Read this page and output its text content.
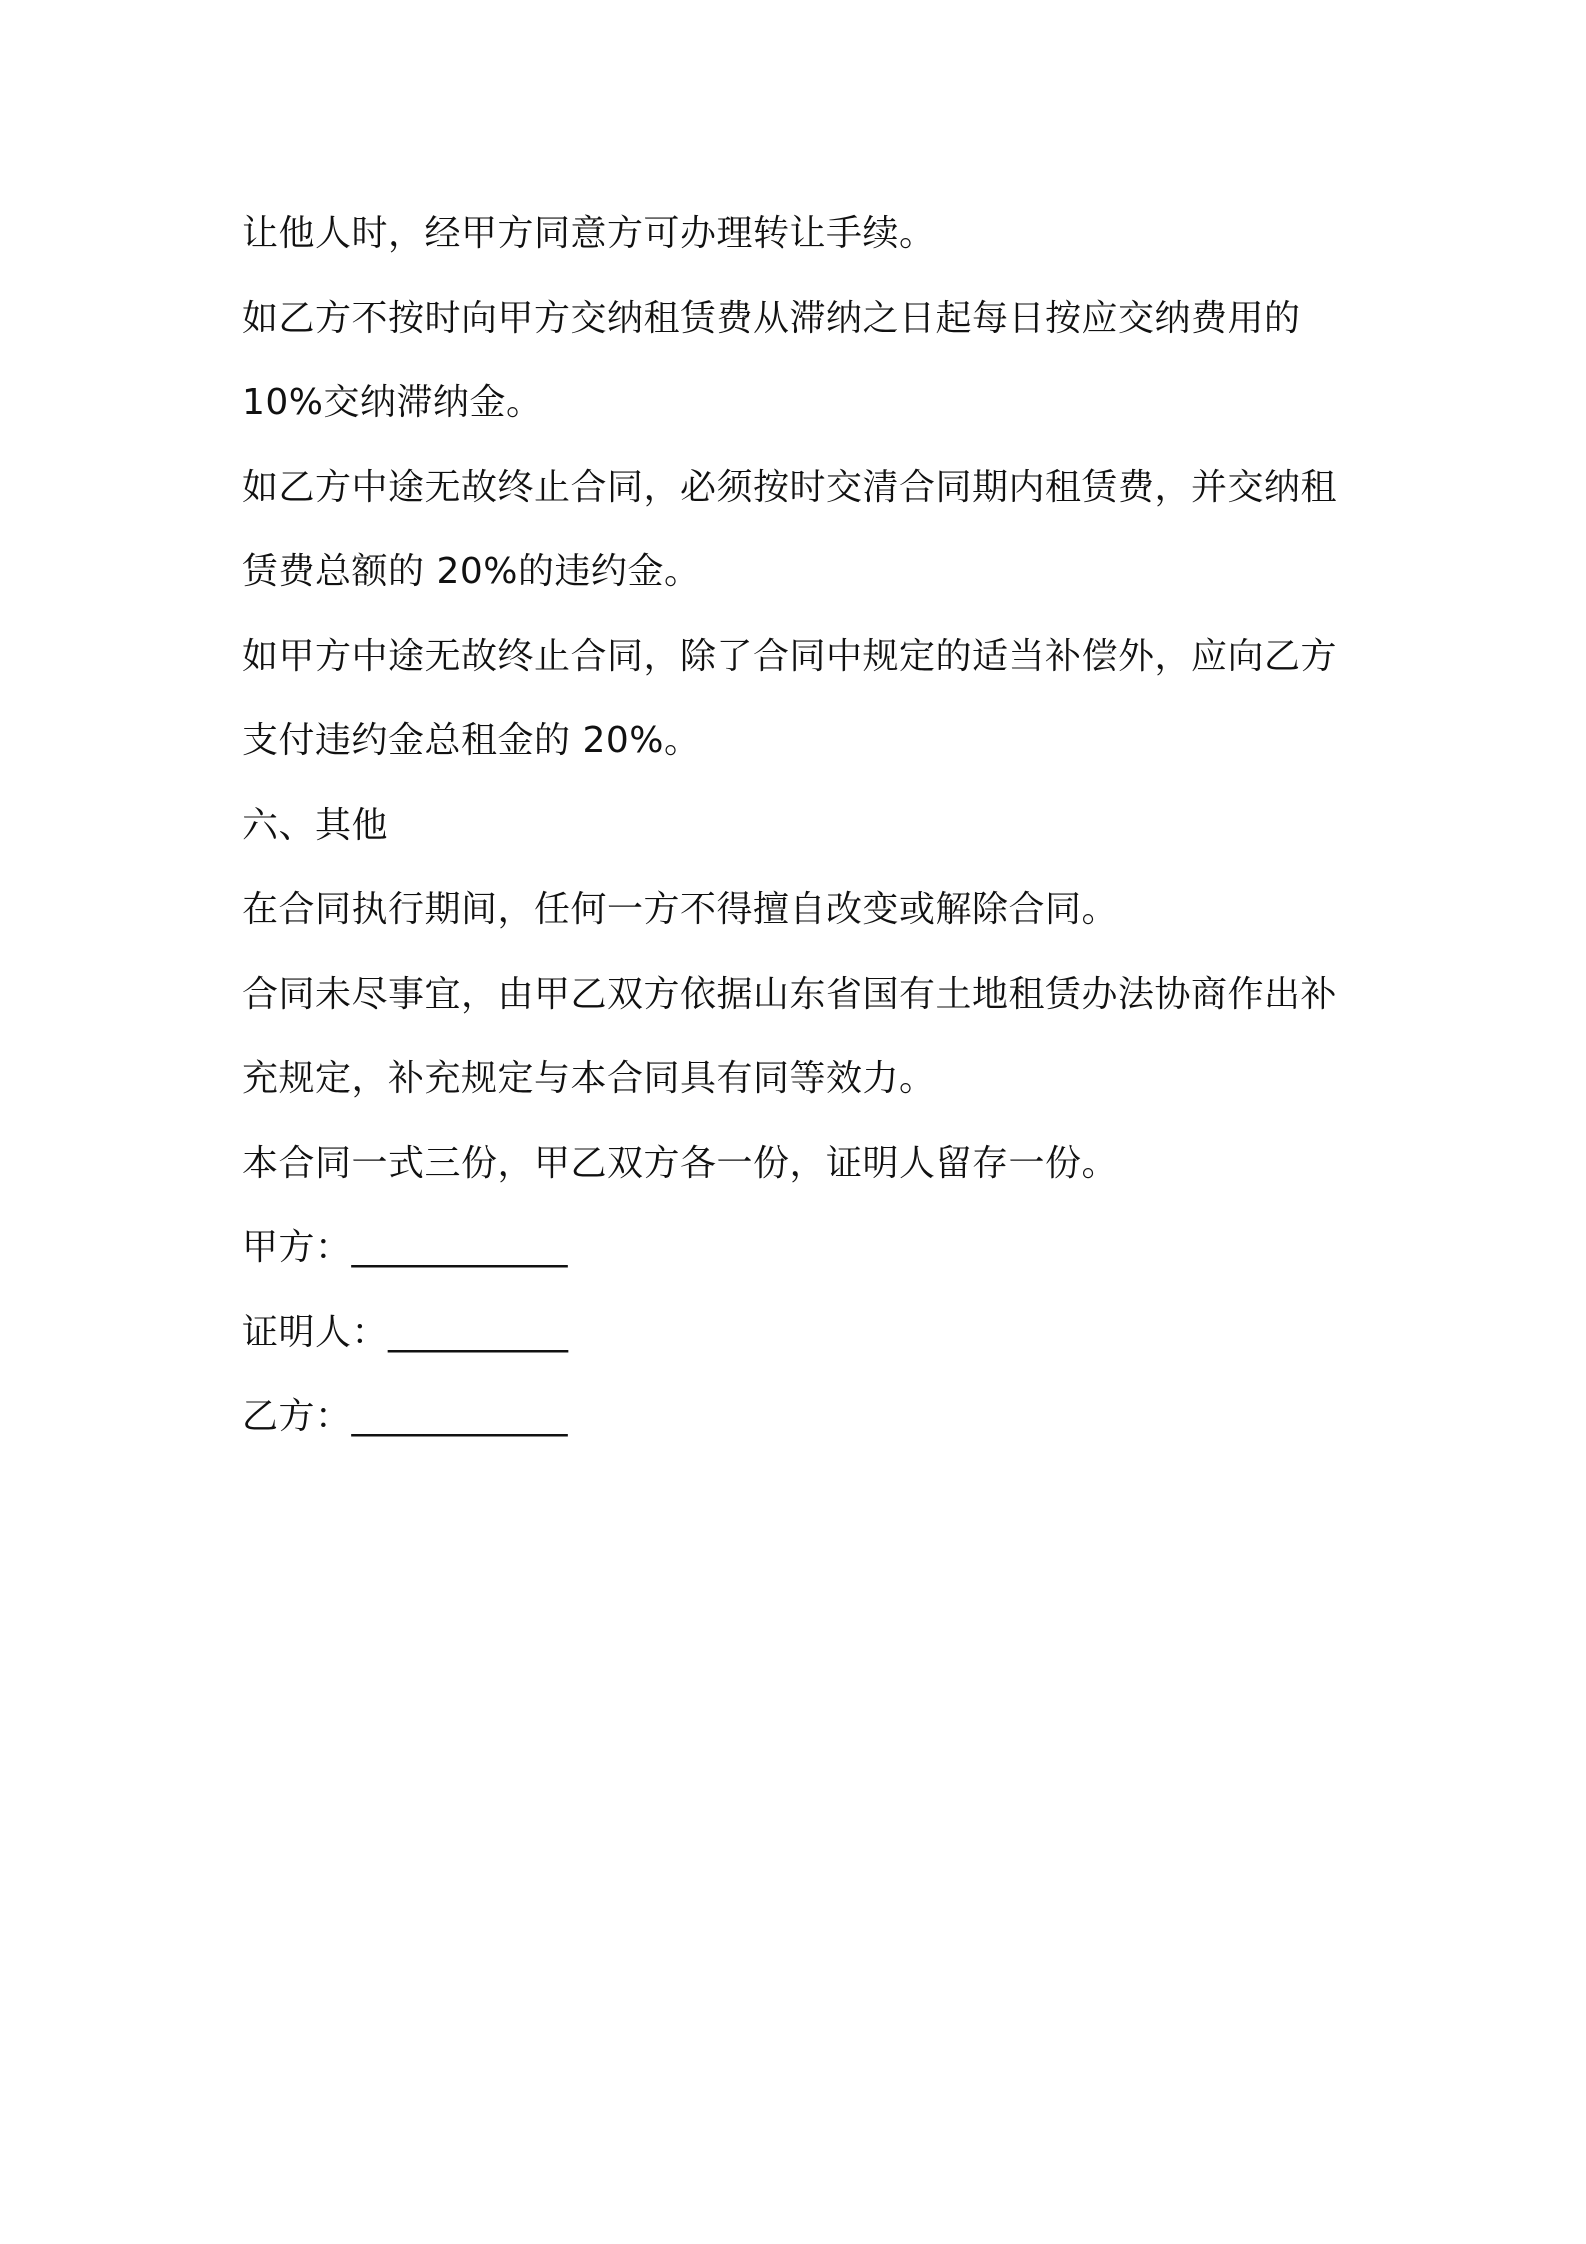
让他人时，经甲方同意方可办理转让手续。
如乙方不按时向甲方交纳租赁费从滞纳之日起每日按应交纳费用的
10%交纳滞纳金。
如乙方中途无故终止合同，必须按时交清合同期内租赁费，并交纳租
赁费总额的 20%的违约金。
如甲方中途无故终止合同，除了合同中规定的适当补偿外，应向乙方
支付违约金总租金的 20%。
六、其他
在合同执行期间，任何一方不得擅自改变或解除合同。
合同未尽事宜，由甲乙双方依据山东省国有土地租赁办法协商作出补
充规定，补充规定与本合同具有同等效力。
本合同一式三份，甲乙双方各一份，证明人留存一份。
甲方：____________
证明人：__________
乙方：____________
